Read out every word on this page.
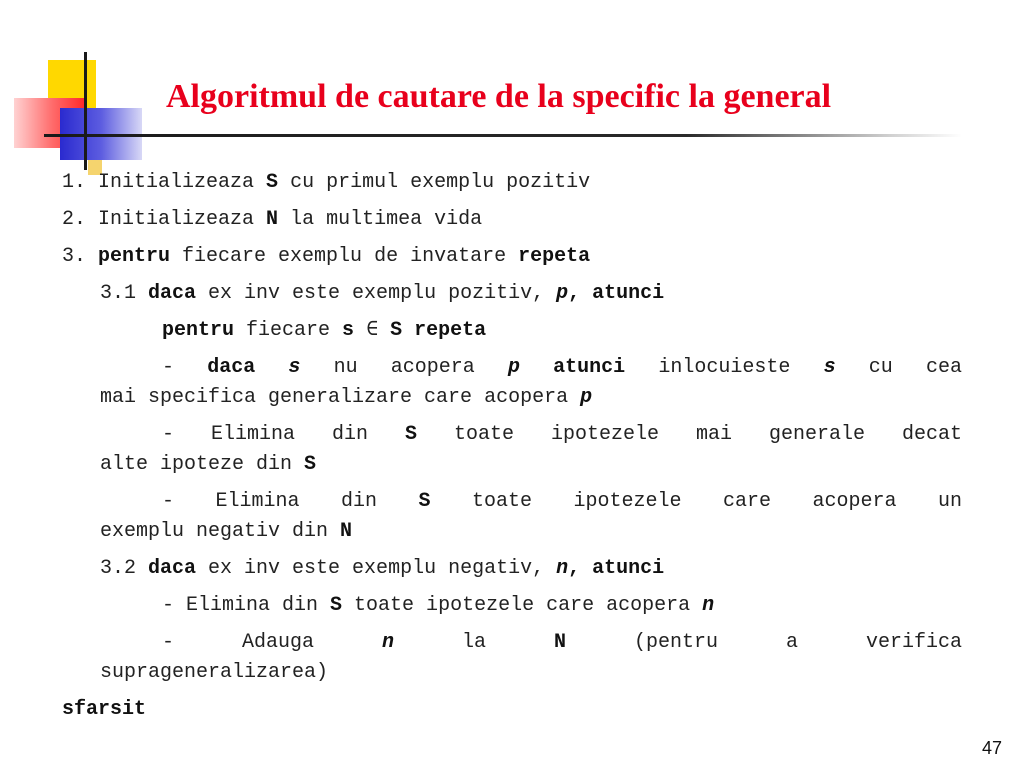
Algoritmul de cautare de la specific la general
1. Initializeaza S cu primul exemplu pozitiv
2. Initializeaza N la multimea vida
3. pentru fiecare exemplu de invatare repeta
3.1 daca ex inv este exemplu pozitiv, p, atunci
pentru fiecare s ∈ S repeta
- daca s nu acopera p atunci inlocuieste s cu cea
mai specifica generalizare care acopera p
- Elimina din S toate ipotezele mai generale decat
alte ipoteze din S
- Elimina din S toate ipotezele care acopera un
exemplu negativ din N
3.2 daca ex inv este exemplu negativ, n, atunci
- Elimina din S toate ipotezele care acopera n
- Adauga n la N (pentru a verifica
suprageneralizarea)
sfarsit
47
